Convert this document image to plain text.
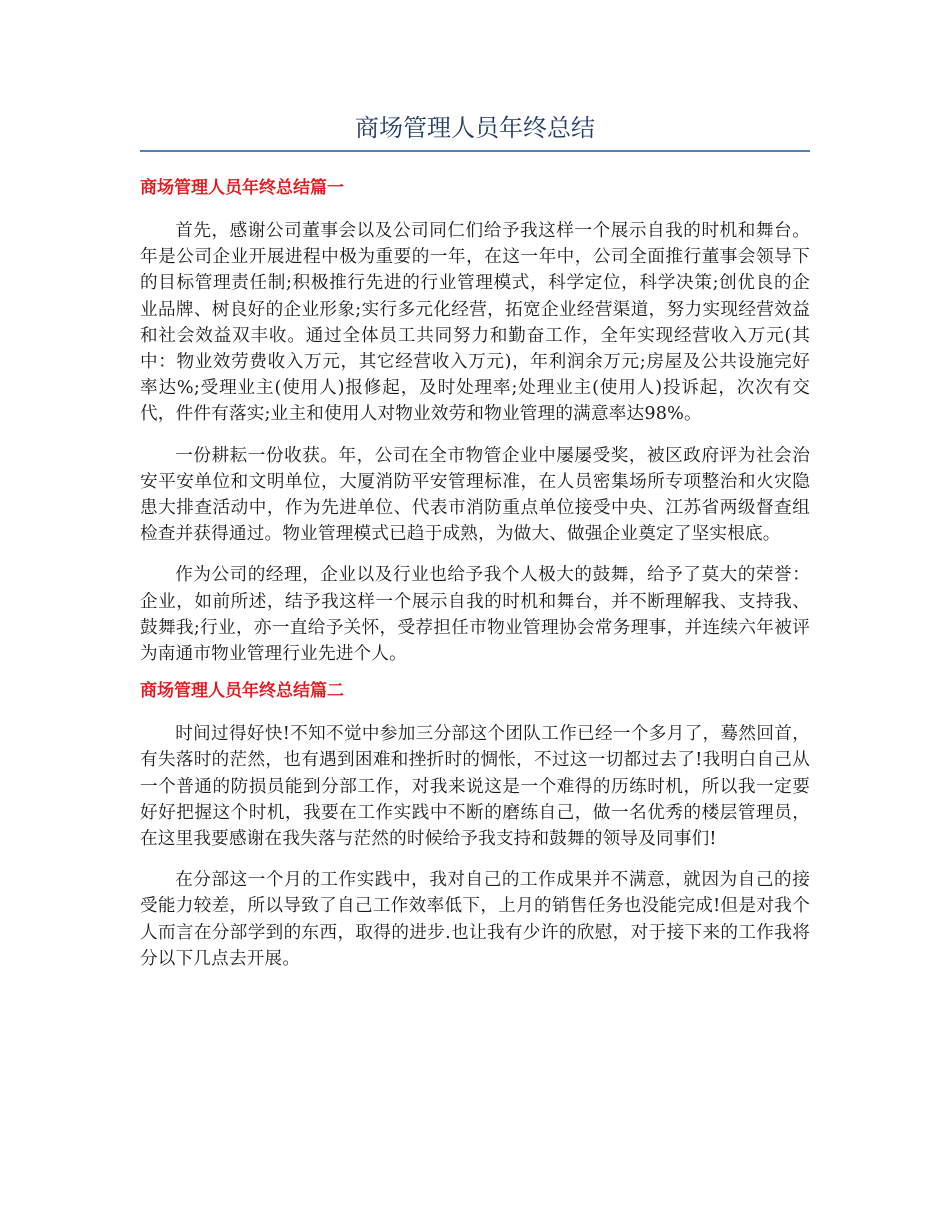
商场管理人员年终总结
商场管理人员年终总结篇一

首先，感谢公司董事会以及公司同仁们给予我这样一个展示自我的时机和舞台。年是公司企业开展进程中极为重要的一年，在这一年中，公司全面推行董事会领导下的目标管理责任制;积极推行先进的行业管理模式，科学定位，科学决策;创优良的企业品牌、树良好的企业形象;实行多元化经营，拓宽企业经营渠道，努力实现经营效益和社会效益双丰收。通过全体员工共同努力和勤奋工作，全年实现经营收入万元(其中：物业效劳费收入万元，其它经营收入万元)，年利润余万元;房屋及公共设施完好率达%;受理业主(使用人)报修起，及时处理率;处理业主(使用人)投诉起，次次有交代，件件有落实;业主和使用人对物业效劳和物业管理的满意率达98%。

一份耕耘一份收获。年，公司在全市物管企业中屡屡受奖，被区政府评为社会治安平安单位和文明单位，大厦消防平安管理标准，在人员密集场所专项整治和火灾隐患大排查活动中，作为先进单位、代表市消防重点单位接受中央、江苏省两级督查组检查并获得通过。物业管理模式已趋于成熟，为做大、做强企业奠定了坚实根底。

作为公司的经理，企业以及行业也给予我个人极大的鼓舞，给予了莫大的荣誉：企业，如前所述，结予我这样一个展示自我的时机和舞台，并不断理解我、支持我、鼓舞我;行业，亦一直给予关怀，受荐担任市物业管理协会常务理事，并连续六年被评为南通市物业管理行业先进个人。

商场管理人员年终总结篇二

时间过得好快!不知不觉中参加三分部这个团队工作已经一个多月了，蓦然回首，有失落时的茫然，也有遇到困难和挫折时的惆怅，不过这一切都过去了!我明白自己从一个普通的防损员能到分部工作，对我来说这是一个难得的历练时机，所以我一定要好好把握这个时机，我要在工作实践中不断的磨练自己，做一名优秀的楼层管理员，在这里我要感谢在我失落与茫然的时候给予我支持和鼓舞的领导及同事们!

在分部这一个月的工作实践中，我对自己的工作成果并不满意，就因为自己的接受能力较差，所以导致了自己工作效率低下，上月的销售任务也没能完成!但是对我个人而言在分部学到的东西，取得的进步.也让我有少许的欣慰，对于接下来的工作我将分以下几点去开展。
